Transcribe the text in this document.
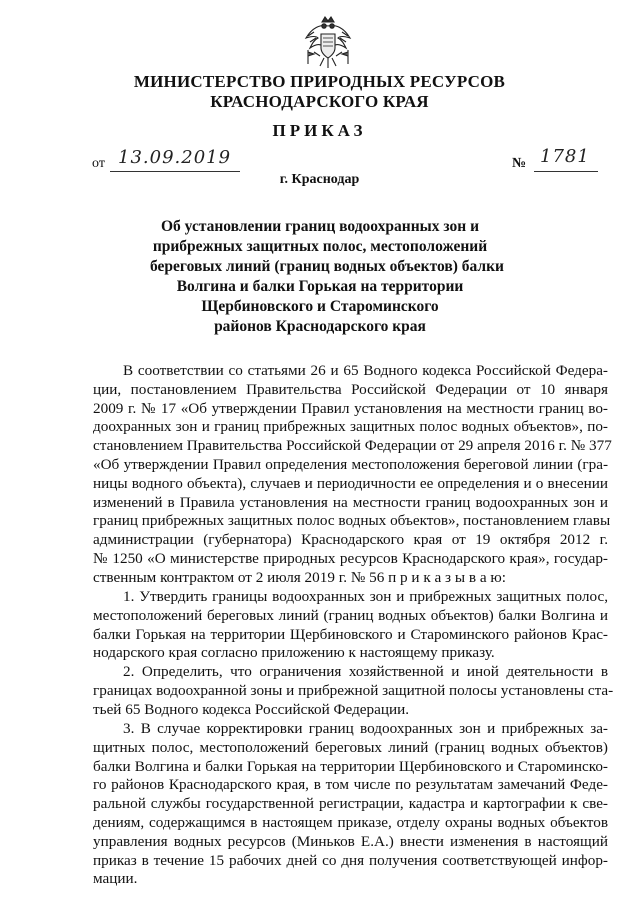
МИНИСТЕРСТВО ПРИРОДНЫХ РЕСУРСОВ
КРАСНОДАРСКОГО КРАЯ
ПРИКАЗ
от 13.09.2019	№ 1781
г. Краснодар
Об установлении границ водоохранных зон и
прибрежных защитных полос, местоположений
береговых линий (границ водных объектов) балки
Волгина и балки Горькая на территории
Щербиновского и Староминского
районов Краснодарского края
В соответствии со статьями 26 и 65 Водного кодекса Российской Федера-
ции, постановлением Правительства Российской Федерации от 10 января
2009 г. № 17 «Об утверждении Правил установления на местности границ во-
доохранных зон и границ прибрежных защитных полос водных объектов», по-
становлением Правительства Российской Федерации от 29 апреля 2016 г. № 377
«Об утверждении Правил определения местоположения береговой линии (гра-
ницы водного объекта), случаев и периодичности ее определения и о внесении
изменений в Правила установления на местности границ водоохранных зон и
границ прибрежных защитных полос водных объектов», постановлением главы
администрации (губернатора) Краснодарского края от 19 октября 2012 г.
№ 1250 «О министерстве природных ресурсов Краснодарского края», государ-
ственным контрактом от 2 июля 2019 г. № 56 п р и к а з ы в а ю:
1. Утвердить границы водоохранных зон и прибрежных защитных полос,
местоположений береговых линий (границ водных объектов) балки Волгина и
балки Горькая на территории Щербиновского и Староминского районов Крас-
нодарского края согласно приложению к настоящему приказу.
2. Определить, что ограничения хозяйственной и иной деятельности в
границах водоохранной зоны и прибрежной защитной полосы установлены ста-
тьей 65 Водного кодекса Российской Федерации.
3. В случае корректировки границ водоохранных зон и прибрежных за-
щитных полос, местоположений береговых линий (границ водных объектов)
балки Волгина и балки Горькая на территории Щербиновского и Староминско-
го районов Краснодарского края, в том числе по результатам замечаний Феде-
ральной службы государственной регистрации, кадастра и картографии к све-
дениям, содержащимся в настоящем приказе, отделу охраны водных объектов
управления водных ресурсов (Миньков Е.А.) внести изменения в настоящий
приказ в течение 15 рабочих дней со дня получения соответствующей инфор-
мации.
